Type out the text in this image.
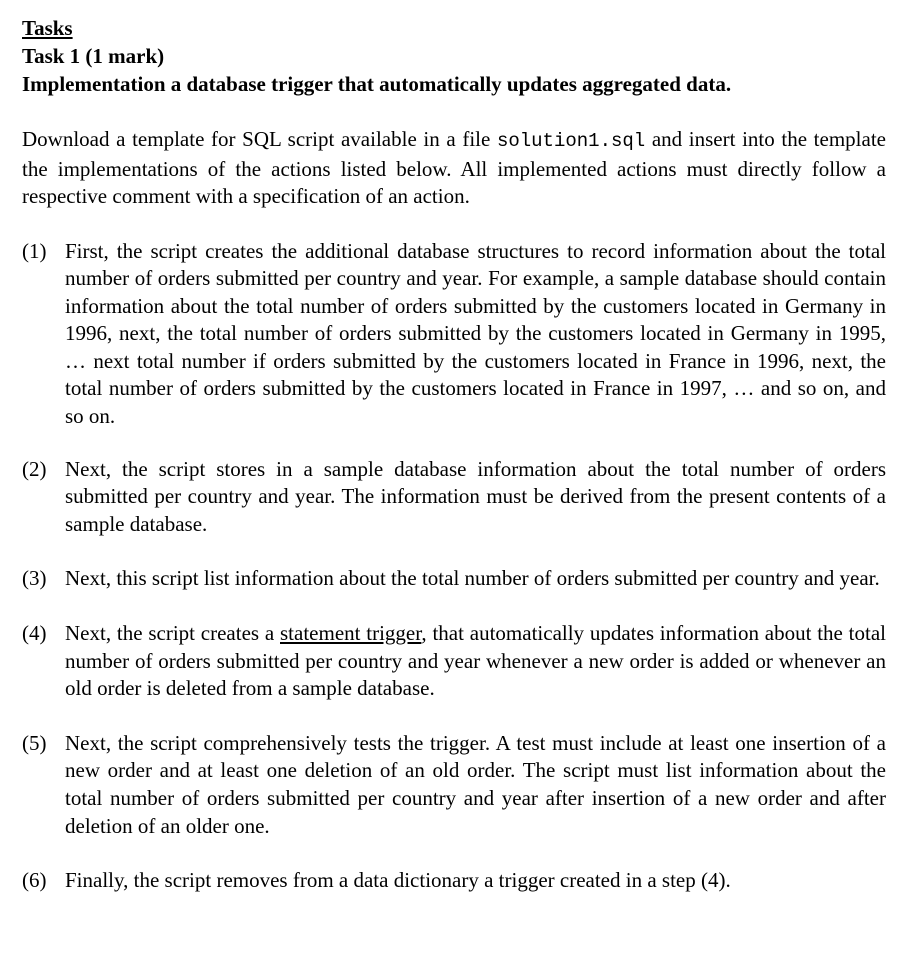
Tasks
Task 1 (1 mark)
Implementation a database trigger that automatically updates aggregated data.

Download a template for SQL script available in a file solution1.sql and insert into the template the implementations of the actions listed below. All implemented actions must directly follow a respective comment with a specification of an action.

(1) First, the script creates the additional database structures to record information about the total number of orders submitted per country and year. For example, a sample database should contain information about the total number of orders submitted by the customers located in Germany in 1996, next, the total number of orders submitted by the customers located in Germany in 1995, … next total number if orders submitted by the customers located in France in 1996, next, the total number of orders submitted by the customers located in France in 1997, … and so on, and so on.
(2) Next, the script stores in a sample database information about the total number of orders submitted per country and year. The information must be derived from the present contents of a sample database.
(3) Next, this script list information about the total number of orders submitted per country and year.
(4) Next, the script creates a statement trigger, that automatically updates information about the total number of orders submitted per country and year whenever a new order is added or whenever an old order is deleted from a sample database.
(5) Next, the script comprehensively tests the trigger. A test must include at least one insertion of a new order and at least one deletion of an old order. The script must list information about the total number of orders submitted per country and year after insertion of a new order and after deletion of an older one.
(6) Finally, the script removes from a data dictionary a trigger created in a step (4).
